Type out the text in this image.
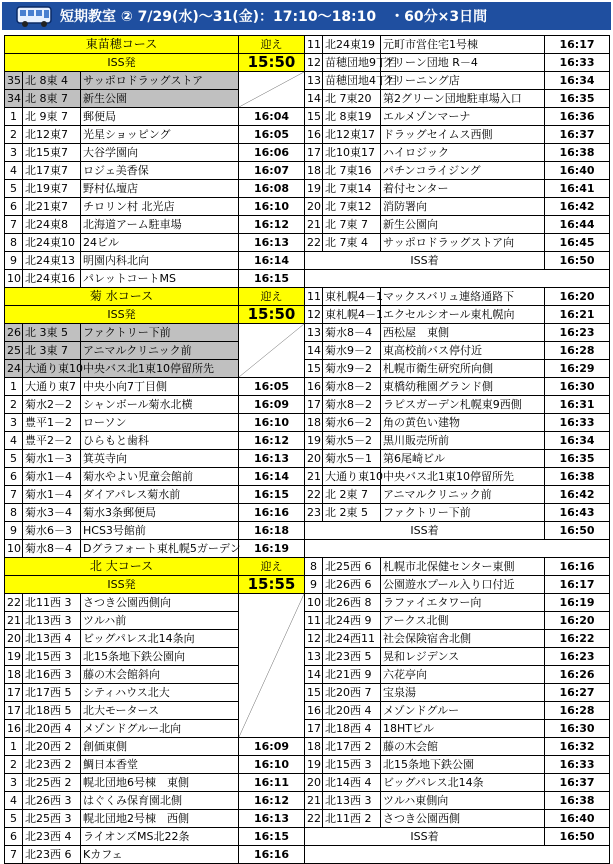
短期教室 ② 7/29(水)～31(金)：17:10～18:10　・60分×3日間
東苗穂コース			迎え	11	北24東19	元町市営住宅1号棟	16:17
ISS発			15:50	12	苗穂団地9丁目	グリーン団地 R－4	16:33
35	北 8東 4	サッポロドラッグストア		13	苗穂団地4丁目	クリーニング店	16:34
34	北 8東 7	新生公園		14	北 7東20	第2グリーン団地駐車場入口	16:35
1	北 9東 7	郵便局	16:04	15	北 8東19	エルメゾンマーナ	16:36
2	北12東7	光星ショッピング	16:05	16	北12東17	ドラッグセイムス西側	16:37
3	北15東7	大谷学園向	16:06	17	北10東17	ハイロジック	16:38
4	北17東7	ロジェ美香保	16:07	18	北 7東16	パチンコライジング	16:40
5	北19東7	野村仏壇店	16:08	19	北 7東14	着付センター	16:41
6	北21東7	チロリン村 北光店	16:10	20	北 7東12	消防署向	16:42
7	北24東8	北海道アーム駐車場	16:12	21	北 7東 7	新生公園向	16:44
8	北24東10	24ビル	16:13	22	北 7東 4	サッポロドラッグストア向	16:45
9	北24東13	明園内科北向	16:14	ISS着			16:50
10	北24東16	パレットコートMS	16:15				
菊 水コース			迎え	11	東札幌4－1	マックスバリュ連絡通路下	16:20
ISS発			15:50	12	東札幌4－1	エクセルシオール東札幌向	16:21
26	北 3東 5	ファクトリー下前		13	菊水8－4	西松屋　東側	16:23
25	北 3東 7	アニマルクリニック前		14	菊水9－2	東高校前バス停付近	16:28
24	大通り東10	中央バス北1東10停留所先		15	菊水9－2	札幌市衛生研究所向側	16:29
1	大通り東7	中央小向7丁目側	16:05	16	菊水8－2	東橋幼稚園グランド側	16:30
2	菊水2－2	シャンボール菊水北横	16:09	17	菊水8－2	ラピスガーデン札幌東9西側	16:31
3	豊平1－2	ローソン	16:10	18	菊水6－2	角の黄色い建物	16:33
4	豊平2－2	ひらもと歯科	16:12	19	菊水5－2	黒川販売所前	16:34
5	菊水1－3	箕英寺向	16:13	20	菊水5－1	第6尾崎ビル	16:35
6	菊水1－4	菊水やよい児童会館前	16:14	21	大通り東10	中央バス北1東10停留所先	16:38
7	菊水1－4	ダイアパレス菊水前	16:15	22	北 2東 7	アニマルクリニック前	16:42
8	菊水3－4	菊水3条郵便局	16:16	23	北 2東 5	ファクトリー下前	16:43
9	菊水6－3	HCS3号館前	16:18	ISS着			16:50
10	菊水8－4	Dグラフォート東札幌5ガーデン	16:19				
北 大コース			迎え	8	北25西 6	札幌市北保健センター東側	16:16
ISS発			15:55	9	北26西 6	公園遊水プール入り口付近	16:17
22	北11西 3	さつき公園西側向		10	北26西 8	ラファイエタワー向	16:19
21	北13西 3	ツルハ前		11	北24西 9	アークス北側	16:20
20	北13西 4	ビッグパレス北14条向		12	北24西11	社会保険宿舎北側	16:22
19	北15西 3	北15条地下鉄公園向		13	北23西 5	晃和レジデンス	16:23
18	北16西 3	藤の木会館斜向		14	北21西 9	六花亭向	16:26
17	北17西 5	シティハウス北大		15	北20西 7	宝泉湯	16:27
17	北18西 5	北大モータース		16	北20西 4	メゾンドグルー	16:28
16	北20西 4	メゾンドグルー北向		17	北18西 4	18HTビル	16:30
1	北20西 2	創価東側	16:09	18	北17西 2	藤の木会館	16:32
2	北23西 2	鯛日本香堂	16:10	19	北15西 3	北15条地下鉄公園	16:33
3	北25西 2	幌北団地6号棟　東側	16:11	20	北14西 4	ビッグパレス北14条	16:37
4	北26西 3	はぐくみ保育園北側	16:12	21	北13西 3	ツルハ東側向	16:38
5	北25西 3	幌北団地2号棟　西側	16:13	22	北11西 2	さつき公園西側	16:40
6	北23西 4	ライオンズMS北22条	16:15	ISS着			16:50
7	北23西 6	Kカフェ	16:16				
